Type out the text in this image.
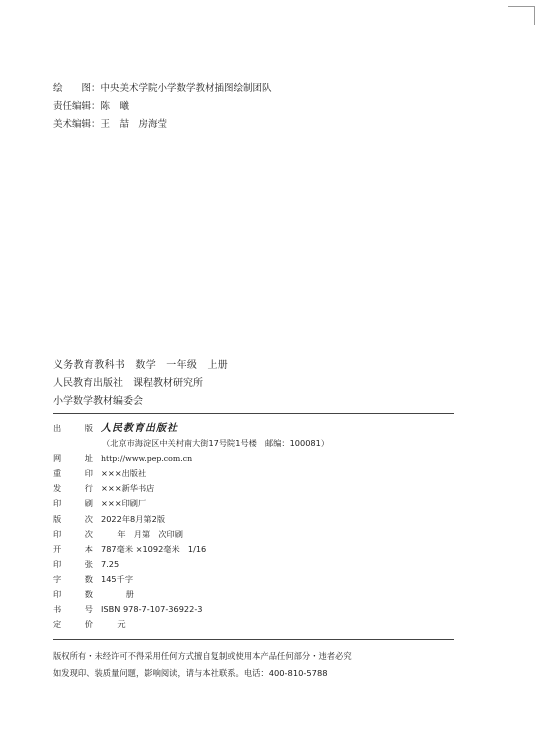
绘　　图： 中央美术学院小学数学教材插图绘制团队
责任编辑： 陈　曦
美术编辑： 王　喆　房海莹
义务教育教科书　数学　一年级　上册
人民教育出版社　课程教材研究所
小学数学教材编委会
出	版 人民教育出版社
（北京市海淀区中关村南大街17号院1号楼　邮编：100081）
网	址 http://www.pep.com.cn
重	印 ×××出版社
发	行 ×××新华书店
印	刷 ×××印刷厂
版	次 2022年8月第2版
印	次 　　年　月第　次印刷
开	本 787毫米 ×1092毫米　1/16
印	张 7.25
字	数 145千字
印	数 　　　册
书	号 ISBN 978-7-107-36922-3
定	价 　　元
版权所有・未经许可不得采用任何方式擅自复制或使用本产品任何部分・违者必究
如发现印、装质量问题，影响阅读，请与本社联系。电话：400-810-5788
